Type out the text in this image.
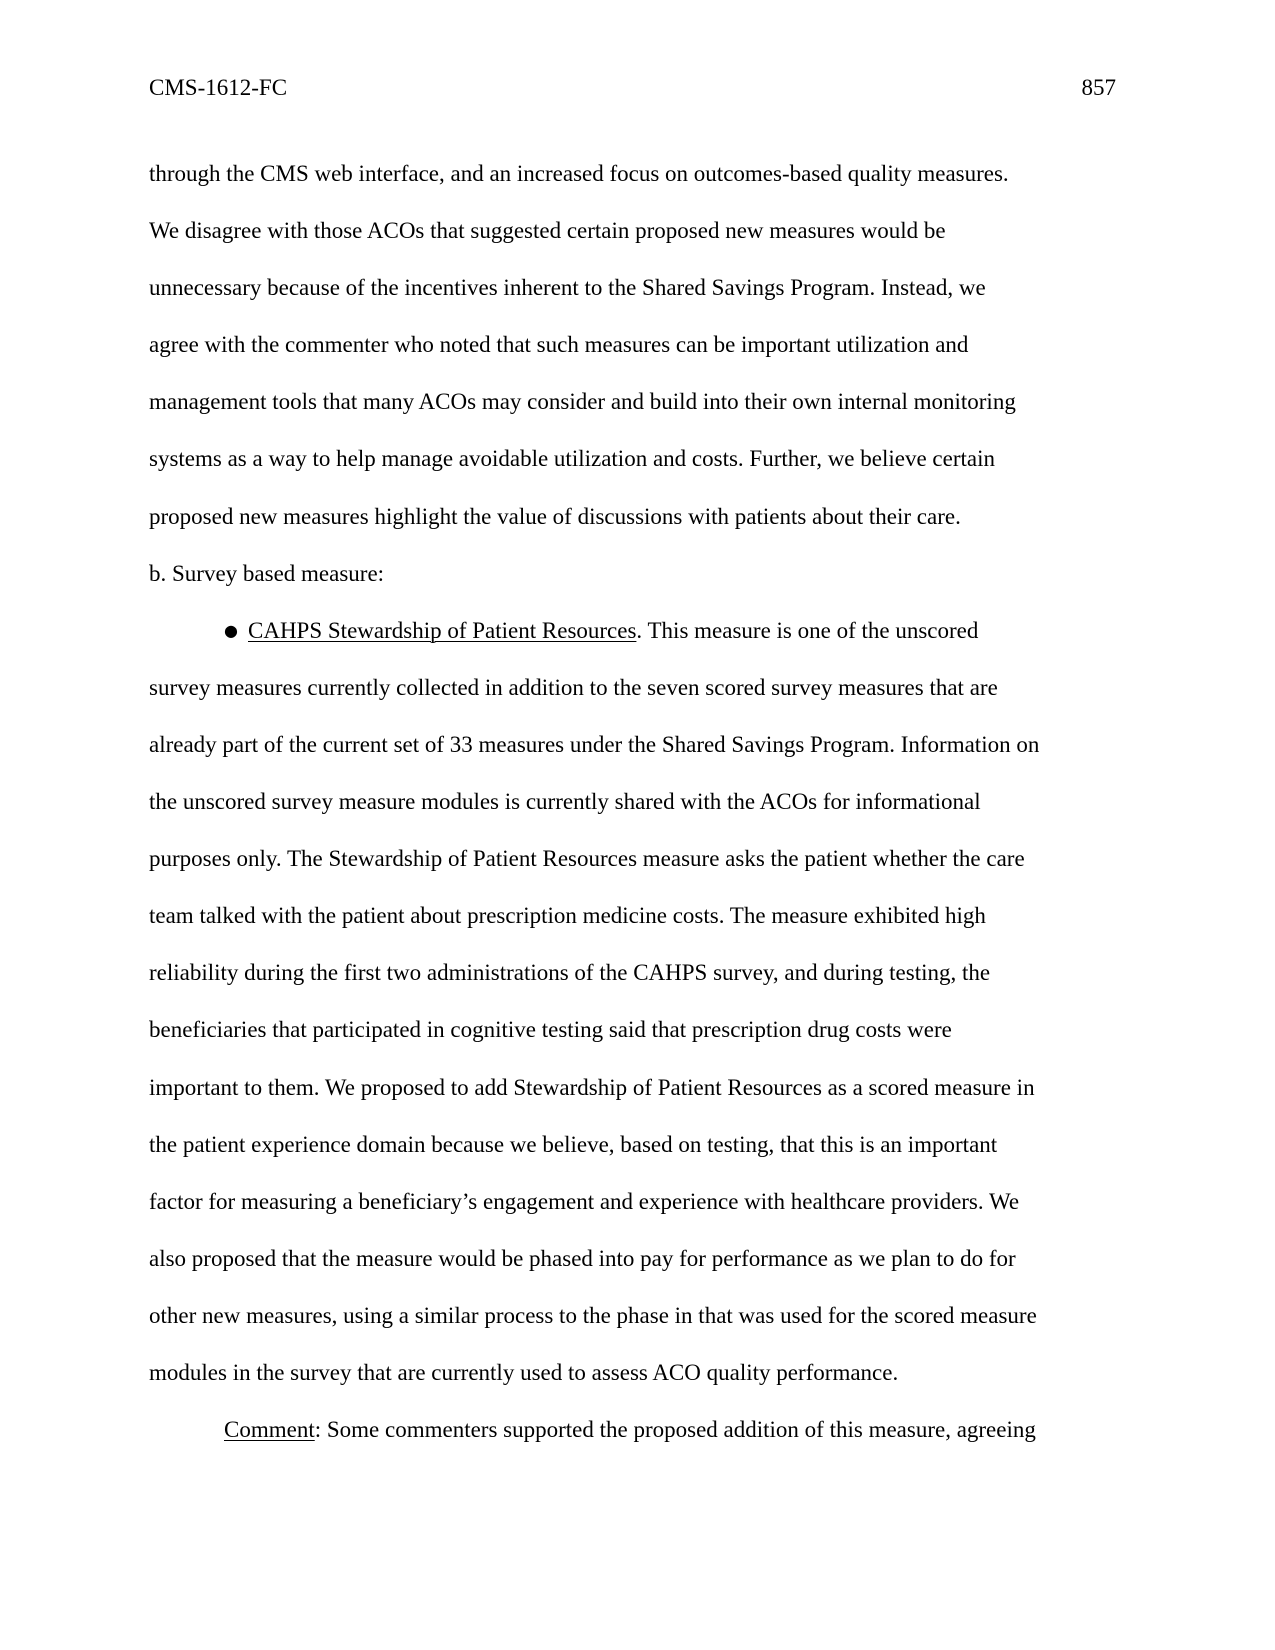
CMS-1612-FC	857
through the CMS web interface, and an increased focus on outcomes-based quality measures.
We disagree with those ACOs that suggested certain proposed new measures would be
unnecessary because of the incentives inherent to the Shared Savings Program. Instead, we
agree with the commenter who noted that such measures can be important utilization and
management tools that many ACOs may consider and build into their own internal monitoring
systems as a way to help manage avoidable utilization and costs. Further, we believe certain
proposed new measures highlight the value of discussions with patients about their care.
b. Survey based measure:
● CAHPS Stewardship of Patient Resources. This measure is one of the unscored
survey measures currently collected in addition to the seven scored survey measures that are
already part of the current set of 33 measures under the Shared Savings Program. Information on
the unscored survey measure modules is currently shared with the ACOs for informational
purposes only. The Stewardship of Patient Resources measure asks the patient whether the care
team talked with the patient about prescription medicine costs. The measure exhibited high
reliability during the first two administrations of the CAHPS survey, and during testing, the
beneficiaries that participated in cognitive testing said that prescription drug costs were
important to them. We proposed to add Stewardship of Patient Resources as a scored measure in
the patient experience domain because we believe, based on testing, that this is an important
factor for measuring a beneficiary’s engagement and experience with healthcare providers. We
also proposed that the measure would be phased into pay for performance as we plan to do for
other new measures, using a similar process to the phase in that was used for the scored measure
modules in the survey that are currently used to assess ACO quality performance.
Comment: Some commenters supported the proposed addition of this measure, agreeing
